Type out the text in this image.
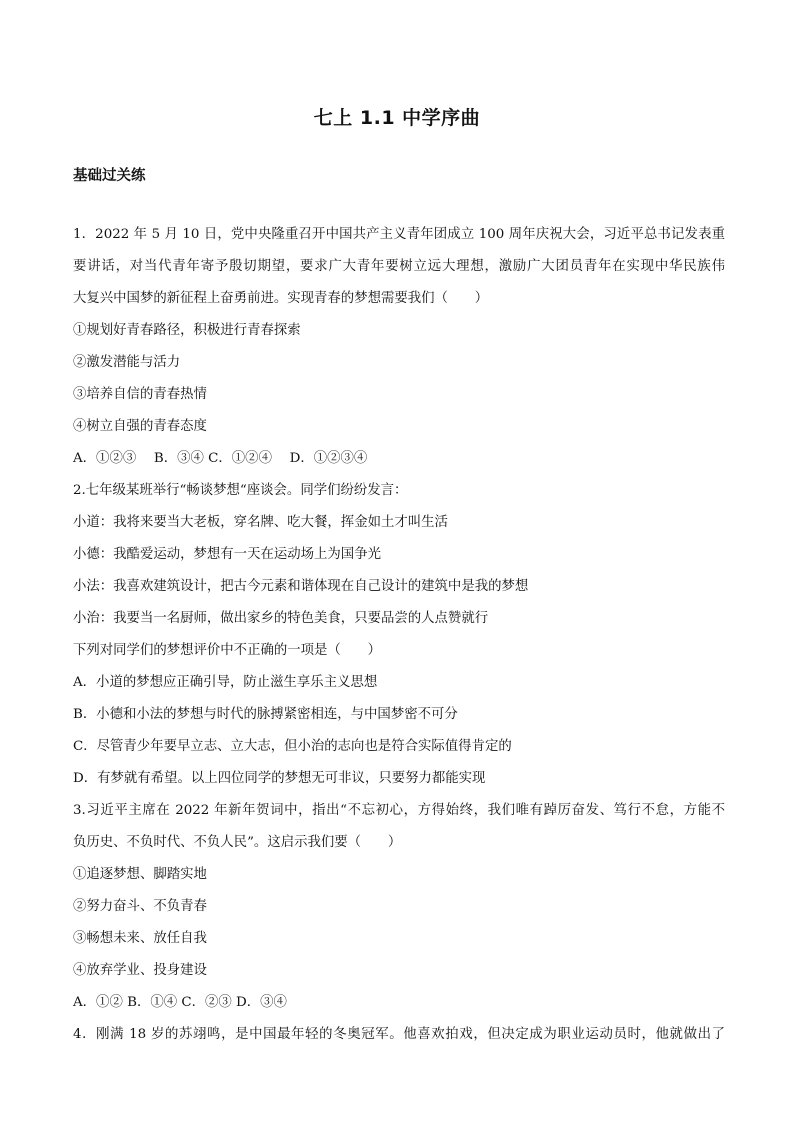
七上 1.1 中学序曲
基础过关练
1．2022 年 5 月 10 日，党中央隆重召开中国共产主义青年团成立 100 周年庆祝大会，习近平总书记发表重
要讲话，对当代青年寄予殷切期望，要求广大青年要树立远大理想，激励广大团员青年在实现中华民族伟
大复兴中国梦的新征程上奋勇前进。实现青春的梦想需要我们（　　）
①规划好青春路径，积极进行青春探索
②激发潜能与活力
③培养自信的青春热情
④树立自强的青春态度
A．①②③　 B．③④ C．①②④　 D．①②③④
2.七年级某班举行“畅谈梦想“座谈会。同学们纷纷发言：
小道：我将来要当大老板，穿名牌、吃大餐，挥金如土才叫生活
小德：我酷爱运动，梦想有一天在运动场上为国争光
小法：我喜欢建筑设计，把古今元素和谐体现在自己设计的建筑中是我的梦想
小治：我要当一名厨师，做出家乡的特色美食，只要品尝的人点赞就行
下列对同学们的梦想评价中不正确的一项是（　　）
A．小道的梦想应正确引导，防止滋生享乐主义思想
B．小德和小法的梦想与时代的脉搏紧密相连，与中国梦密不可分
C．尽管青少年要早立志、立大志，但小治的志向也是符合实际值得肯定的
D．有梦就有希望。以上四位同学的梦想无可非议，只要努力都能实现
3.习近平主席在 2022 年新年贺词中，指出“不忘初心，方得始终，我们唯有踔厉奋发、笃行不怠，方能不
负历史、不负时代、不负人民”。这启示我们要（　　）
①追逐梦想、脚踏实地
②努力奋斗、不负青春
③畅想未来、放任自我
④放弃学业、投身建设
A．①② B．①④ C．②③ D．③④
4．刚满 18 岁的苏翊鸣，是中国最年轻的冬奥冠军。他喜欢拍戏，但决定成为职业运动员时，他就做出了
